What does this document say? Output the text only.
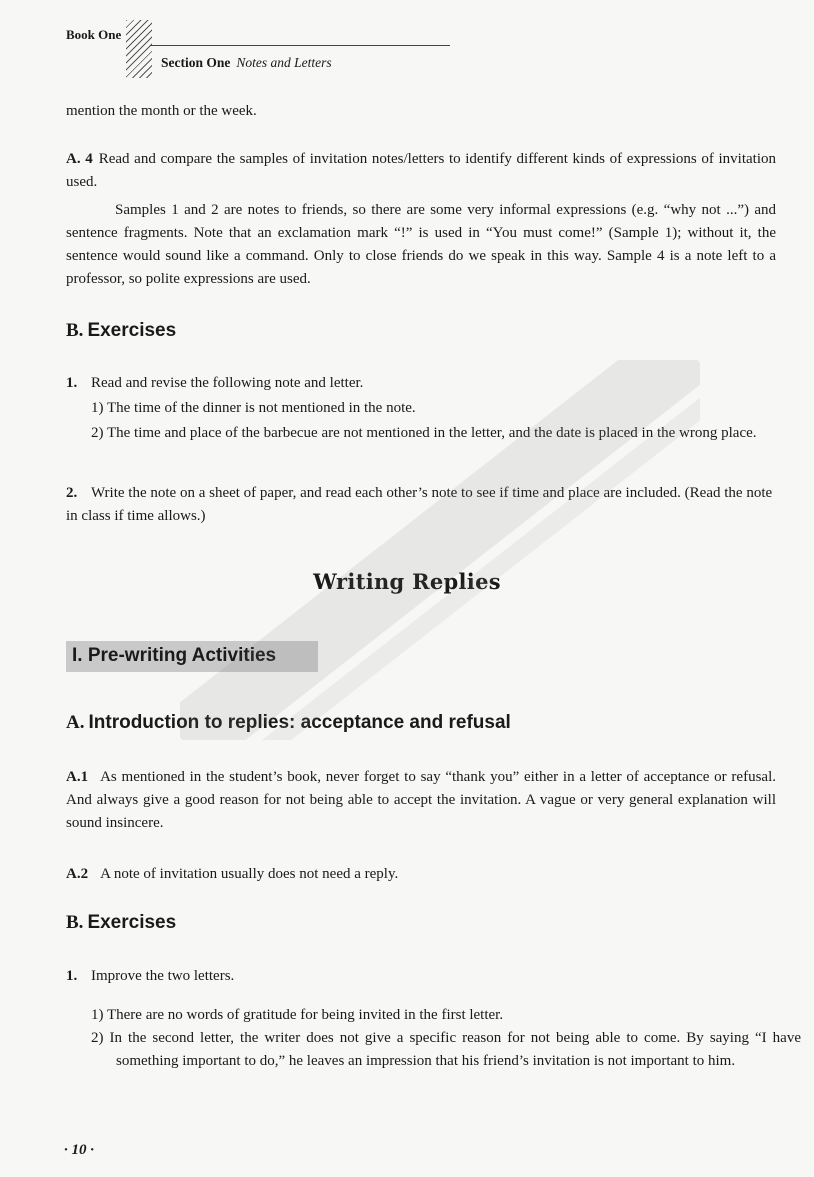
Book One
Section One Notes and Letters
mention the month or the week.
A. 4 Read and compare the samples of invitation notes/letters to identify different kinds of expressions of invitation used.
Samples 1 and 2 are notes to friends, so there are some very informal expressions (e.g. “why not ...”) and sentence fragments. Note that an exclamation mark “!” is used in “You must come!” (Sample 1); without it, the sentence would sound like a command. Only to close friends do we speak in this way. Sample 4 is a note left to a professor, so polite expressions are used.
B. Exercises
1. Read and revise the following note and letter.
1) The time of the dinner is not mentioned in the note.
2) The time and place of the barbecue are not mentioned in the letter, and the date is placed in the wrong place.
2. Write the note on a sheet of paper, and read each other’s note to see if time and place are included. (Read the note in class if time allows.)
Writing Replies
I. Pre-writing Activities
A. Introduction to replies: acceptance and refusal
A.1 As mentioned in the student’s book, never forget to say “thank you” either in a letter of acceptance or refusal. And always give a good reason for not being able to accept the invitation. A vague or very general explanation will sound insincere.
A.2 A note of invitation usually does not need a reply.
B. Exercises
1. Improve the two letters.
1) There are no words of gratitude for being invited in the first letter.
2) In the second letter, the writer does not give a specific reason for not being able to come. By saying “I have something important to do,” he leaves an impression that his friend’s invitation is not important to him.
· 10 ·
